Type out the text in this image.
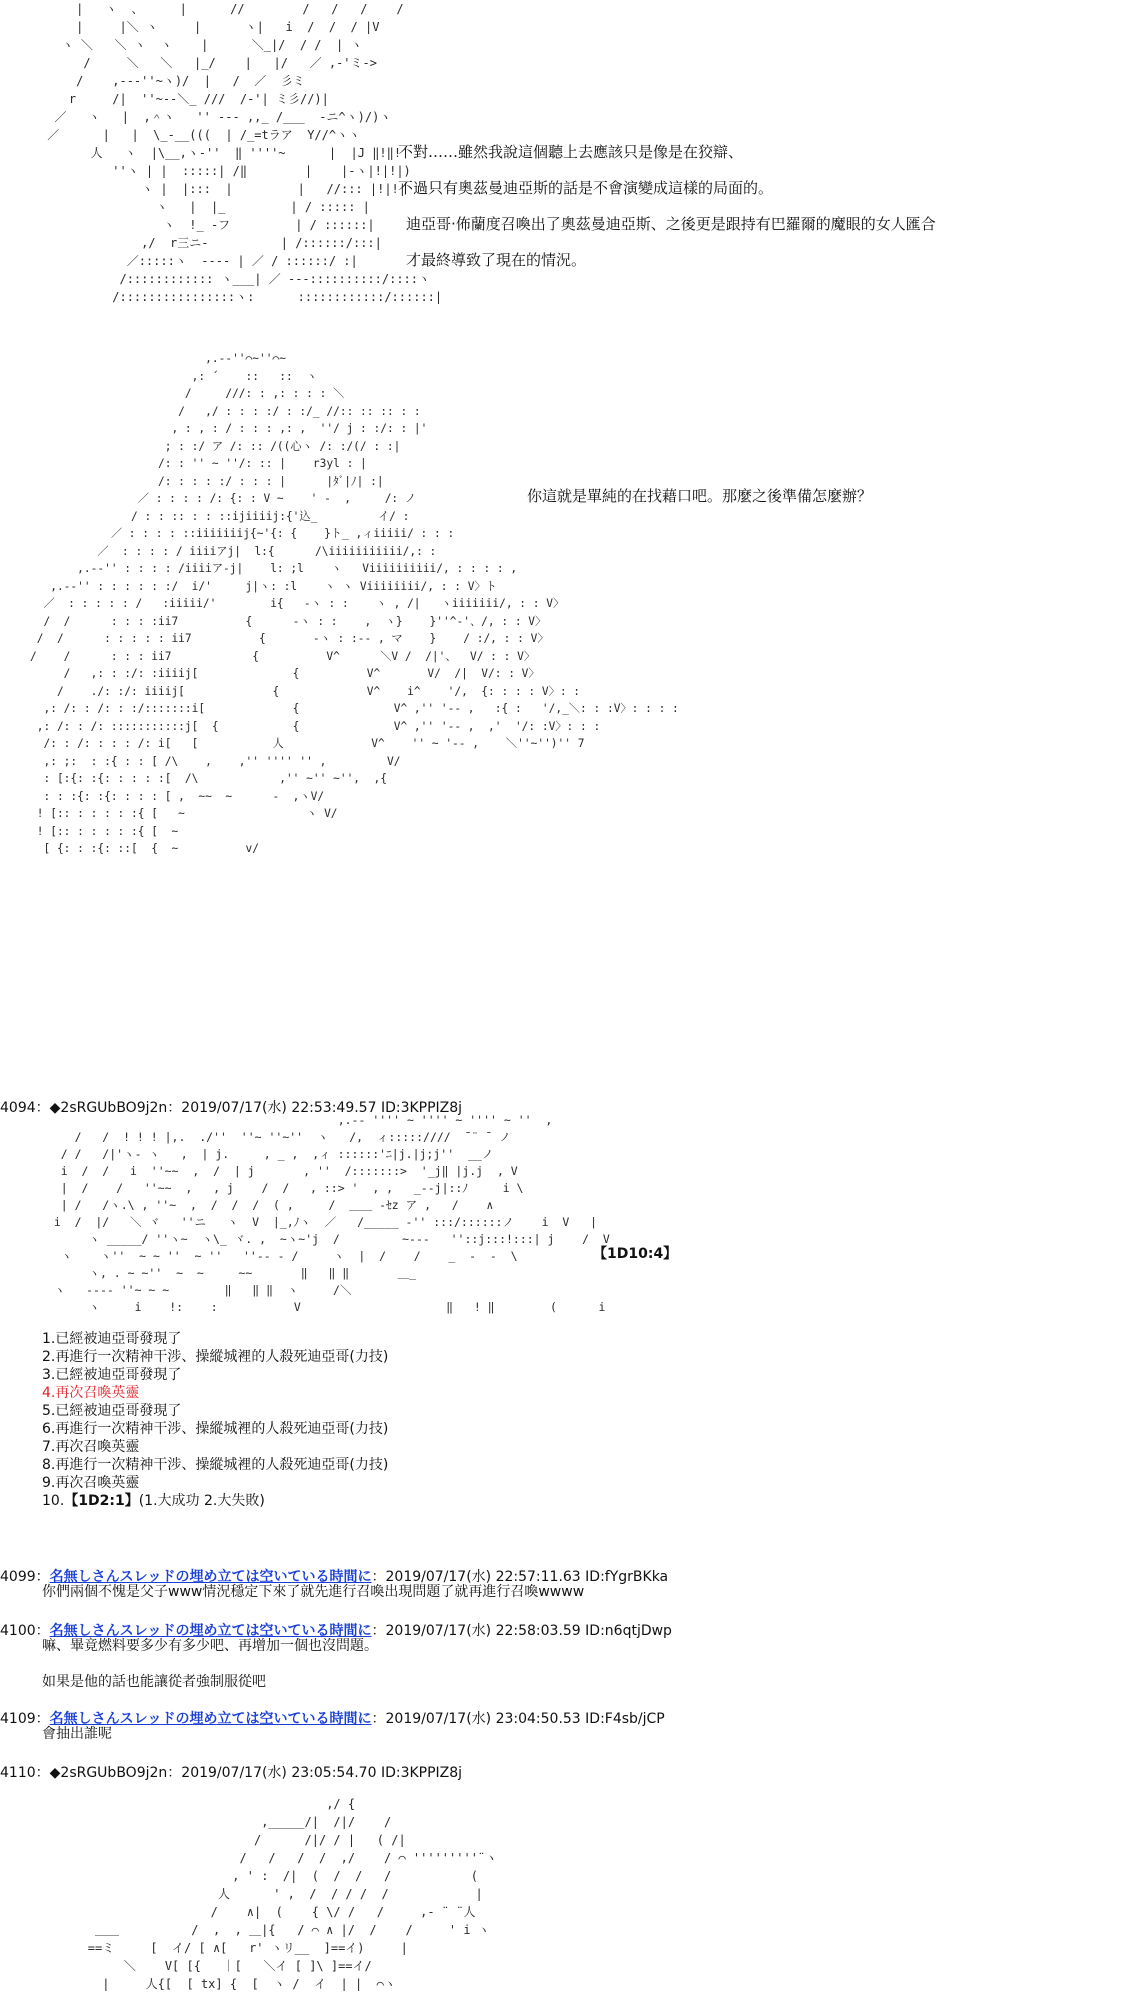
|   ヽ  、     |      //        /   /   /    /
|     |＼ ヽ     |      ヽ|   i  /  /  / |V
ヽ ＼   ＼ ヽ  ヽ    |      ＼_|/  / /  | ヽ
/     ＼   ＼   |_/    |   |/   ／ ,-'ミ->
/    ,--‐''~ヽ)/  |   /  ／  彡ミ
r     /|  ''~-‐＼_ ///  /-'| ミ彡//)|
／   ヽ   |  ,＾ヽ   '' ‐‐- ,,_ /___  -ニ^ヽ)/)ヽ
／      |   |  \_-__(((  | /_=tラア  Y//^ヽヽ
人   ヽ  |\__,ヽ-''  ‖ ''''~      |  |J ‖!‖!
''ヽ | |  :::::| /‖        |    |-ヽ|!|!|)
ヽ |  |:::  |         |   //::: |!|!|
ヽ   |  |_         | / ::::: |
ヽ  !_ -フ         | / ::::::|
,/  r三ニ-          | /::::::/:::|
／:::::ヽ  ‐‐‐‐ | ／ / ::::::/ :|
/:::::::::::: ヽ___| ／ ‐‐‐::::::::::/::::ヽ
/::::::::::::::::ヽ:      ::::::::::::/::::::|
不對……雖然我說這個聽上去應該只是像是在狡辯、
不過只有奧茲曼迪亞斯的話是不會演變成這樣的局面的。
迪亞哥·佈蘭度召喚出了奧茲曼迪亞斯、之後更是跟持有巴羅爾的魔眼的女人匯合
才最終導致了現在的情況。
,.-‐''⌒~''⌒~
,: ´    ::   ::  ヽ
/     ///: : ,: : : : ＼
/   ,/ : : : :/ : :/_ //:: :: :: : :
, : , : / : : : ,: ,  ''/ j : :/: : |'
; : :/ ア /: :: /((心ヽ /: :/(/ : :|
/: : '' ~ ''/: :: |    r3yl : |
/: : : : :/ : : : |      |ﾀﾞ|ﾉ| :|
／ : : : : /: {: : V ~    ' ‐  ,     /: ノ
/ : : :: : : ::ijiiiij:{'込_         イ/ :
／ : : : : ::iiiiiiij{~'{: {    }ト_ ,ィiiiii/ : : :
／  : : : : / iiiiアj|  l:{      /\iiiiiiiiiii/,: :
,.-‐'' : : : : /iiiiア-j|    l: ;l    ヽ   Viiiiiiiiii/, : : : : ,
,.-‐'' : : : : : :/  i/'     j|ヽ: :l    ヽ ヽ Viiiiiiii/, : : V〉ト
／  : : : : : /   :iiiii/'        i{   -ヽ : :    ヽ , /|   ヽiiiiiii/, : : V〉
/  /      : : : :ii7          {      -ヽ : :    ,  ヽ}    }''^-'、/, : : V〉
/  /      : : : : : ii7          {       -ヽ : :-- , マ    }    / :/, : : V〉
/    /      : : : ii7            {          V^      ＼V /  /|'、  V/ : : V〉
/   ,: : :/: :iiiij[              {          V^       V/  /|  V/: : V〉
/    ./: :/: iiiij[             {             V^    i^    '/,  {: : : : V〉: :
,: /: : /: : :/:::::::i[             {              V^ ,'' '-- ,   :{ :   '/,_＼: : :V〉: : : :
,: /: : /: :::::::::::j[  {           {              V^ ,'' '-- ,  ,'  '/: :V〉: : :
/: : /: : : : /: i[   [           人             V^    '' ~ '-- ,    ＼''~'')'' 7
,: ;:  : :{ : : [ /\    ,    ,'' '''' '' ,         V/
: [:{: :{: : : : :[  /\            ,'' ~'' ~'',  ,{
: : :{: :{: : : : [ ,  ~~  ~      -  ,ヽV/
! [:: : : : : :{ [   ~                  ヽ V/
! [:: : : : : :{ [  ~
[ {: : :{: ::[  {  ~          v/
你這就是單純的在找藉口吧。那麼之後準備怎麼辦？
4094：◆2sRGUbBO9j2n：2019/07/17(水) 22:53:49.57 ID:3KPPIZ8j
,.-‐ '''' ~ '''' ~ '''' ~ ''  ,
/   /  ! ! ! |,.  ./''  ''~ ''~''  ヽ   /,  ィ:::::////  ̄ ¨ ̄  ノ
/ /   /|'ヽ- ヽ   ,  | j.     , _ ,  ,ィ ::::::'ﾆ|j.|j;j''  __ノ
i  /  /   i  ''~~  ,  /  | j       , ''  /:::::::>  '_j‖ |j.j  , V
|  /    /   ''~~  ,   , j    /  /   , ::> '  , ,   _‐-j|::ﾉ     i \
| /   /ヽ.\ , ''~  ,  /  /  /  ( ,     /  ＿＿ -ｾz ア ,   /    ∧
i  /  |/   ＼ ヾ   ''ニ   ヽ  V  |_,ﾉヽ  ／   /_____ ‐'' :::/::::::ノ    i  V   |
ヽ _____/ ''ヽ~  ヽ\_ ヾ. ,  ~ヽ~'j  /         ~‐‐‐   ''::j:::!:::| j    /  V
ヽ    ヽ''  ~ ~ ''  ~ ''   ''‐‐ ‐ /     ヽ  |  /    /    _  ‐  ‐  \
ヽ, . ~ ~''  ~  ~     ~~       ‖   ‖ ‖       ＿_
ヽ   ‐--‐ ''~ ~ ~        ‖   ‖ ‖  ヽ     /＼
ヽ     i    !:    :           V                     ‖   ! ‖        (      i
【1D10:4】
1.已經被迪亞哥發現了
2.再進行一次精神干涉、操縱城裡的人殺死迪亞哥(力技)
3.已經被迪亞哥發現了
4.再次召喚英靈
5.已經被迪亞哥發現了
6.再進行一次精神干涉、操縱城裡的人殺死迪亞哥(力技)
7.再次召喚英靈
8.再進行一次精神干涉、操縱城裡的人殺死迪亞哥(力技)
9.再次召喚英靈
10.【1D2:1】(1.大成功 2.大失敗)
4099：名無しさんスレッドの埋め立ては空いている時間に：2019/07/17(水) 22:57:11.63 ID:fYgrBKka
你們兩個不愧是父子www情況穩定下來了就先進行召喚出現問題了就再進行召喚wwww
4100：名無しさんスレッドの埋め立ては空いている時間に：2019/07/17(水) 22:58:03.59 ID:n6qtjDwp
嘛、畢竟燃料要多少有多少吧、再增加一個也沒問題。
如果是他的話也能讓從者強制服從吧
4109：名無しさんスレッドの埋め立ては空いている時間に：2019/07/17(水) 23:04:50.53 ID:F4sb/jCP
會抽出誰呢
4110：◆2sRGUbBO9j2n：2019/07/17(水) 23:05:54.70 ID:3KPPIZ8j
,/ {
,_____/|  /|/    /
/      /|/ / |   ( /|
/   /   /  /  ,/    / ⌒ '''''''''¨ヽ
, ' :  /|  (  /  /   /           (
人      ' ,  /  / / /  /            |
/    ∧|  (    { \/ /   /     ,‐ ¨ ¨人
＿＿          /  ,  , ＿|{   / ⌒ ∧ |/  /    /     ' i ヽ
==ミ     [  イ/ [ ∧[   r' ヽリ__  ]==イ)     |
＼    V[ [{   ｜[   ＼イ [ ]\ ]==イ/
|     人{[  [ tx] {  [  ヽ /  イ  | |  ⌒ヽ
